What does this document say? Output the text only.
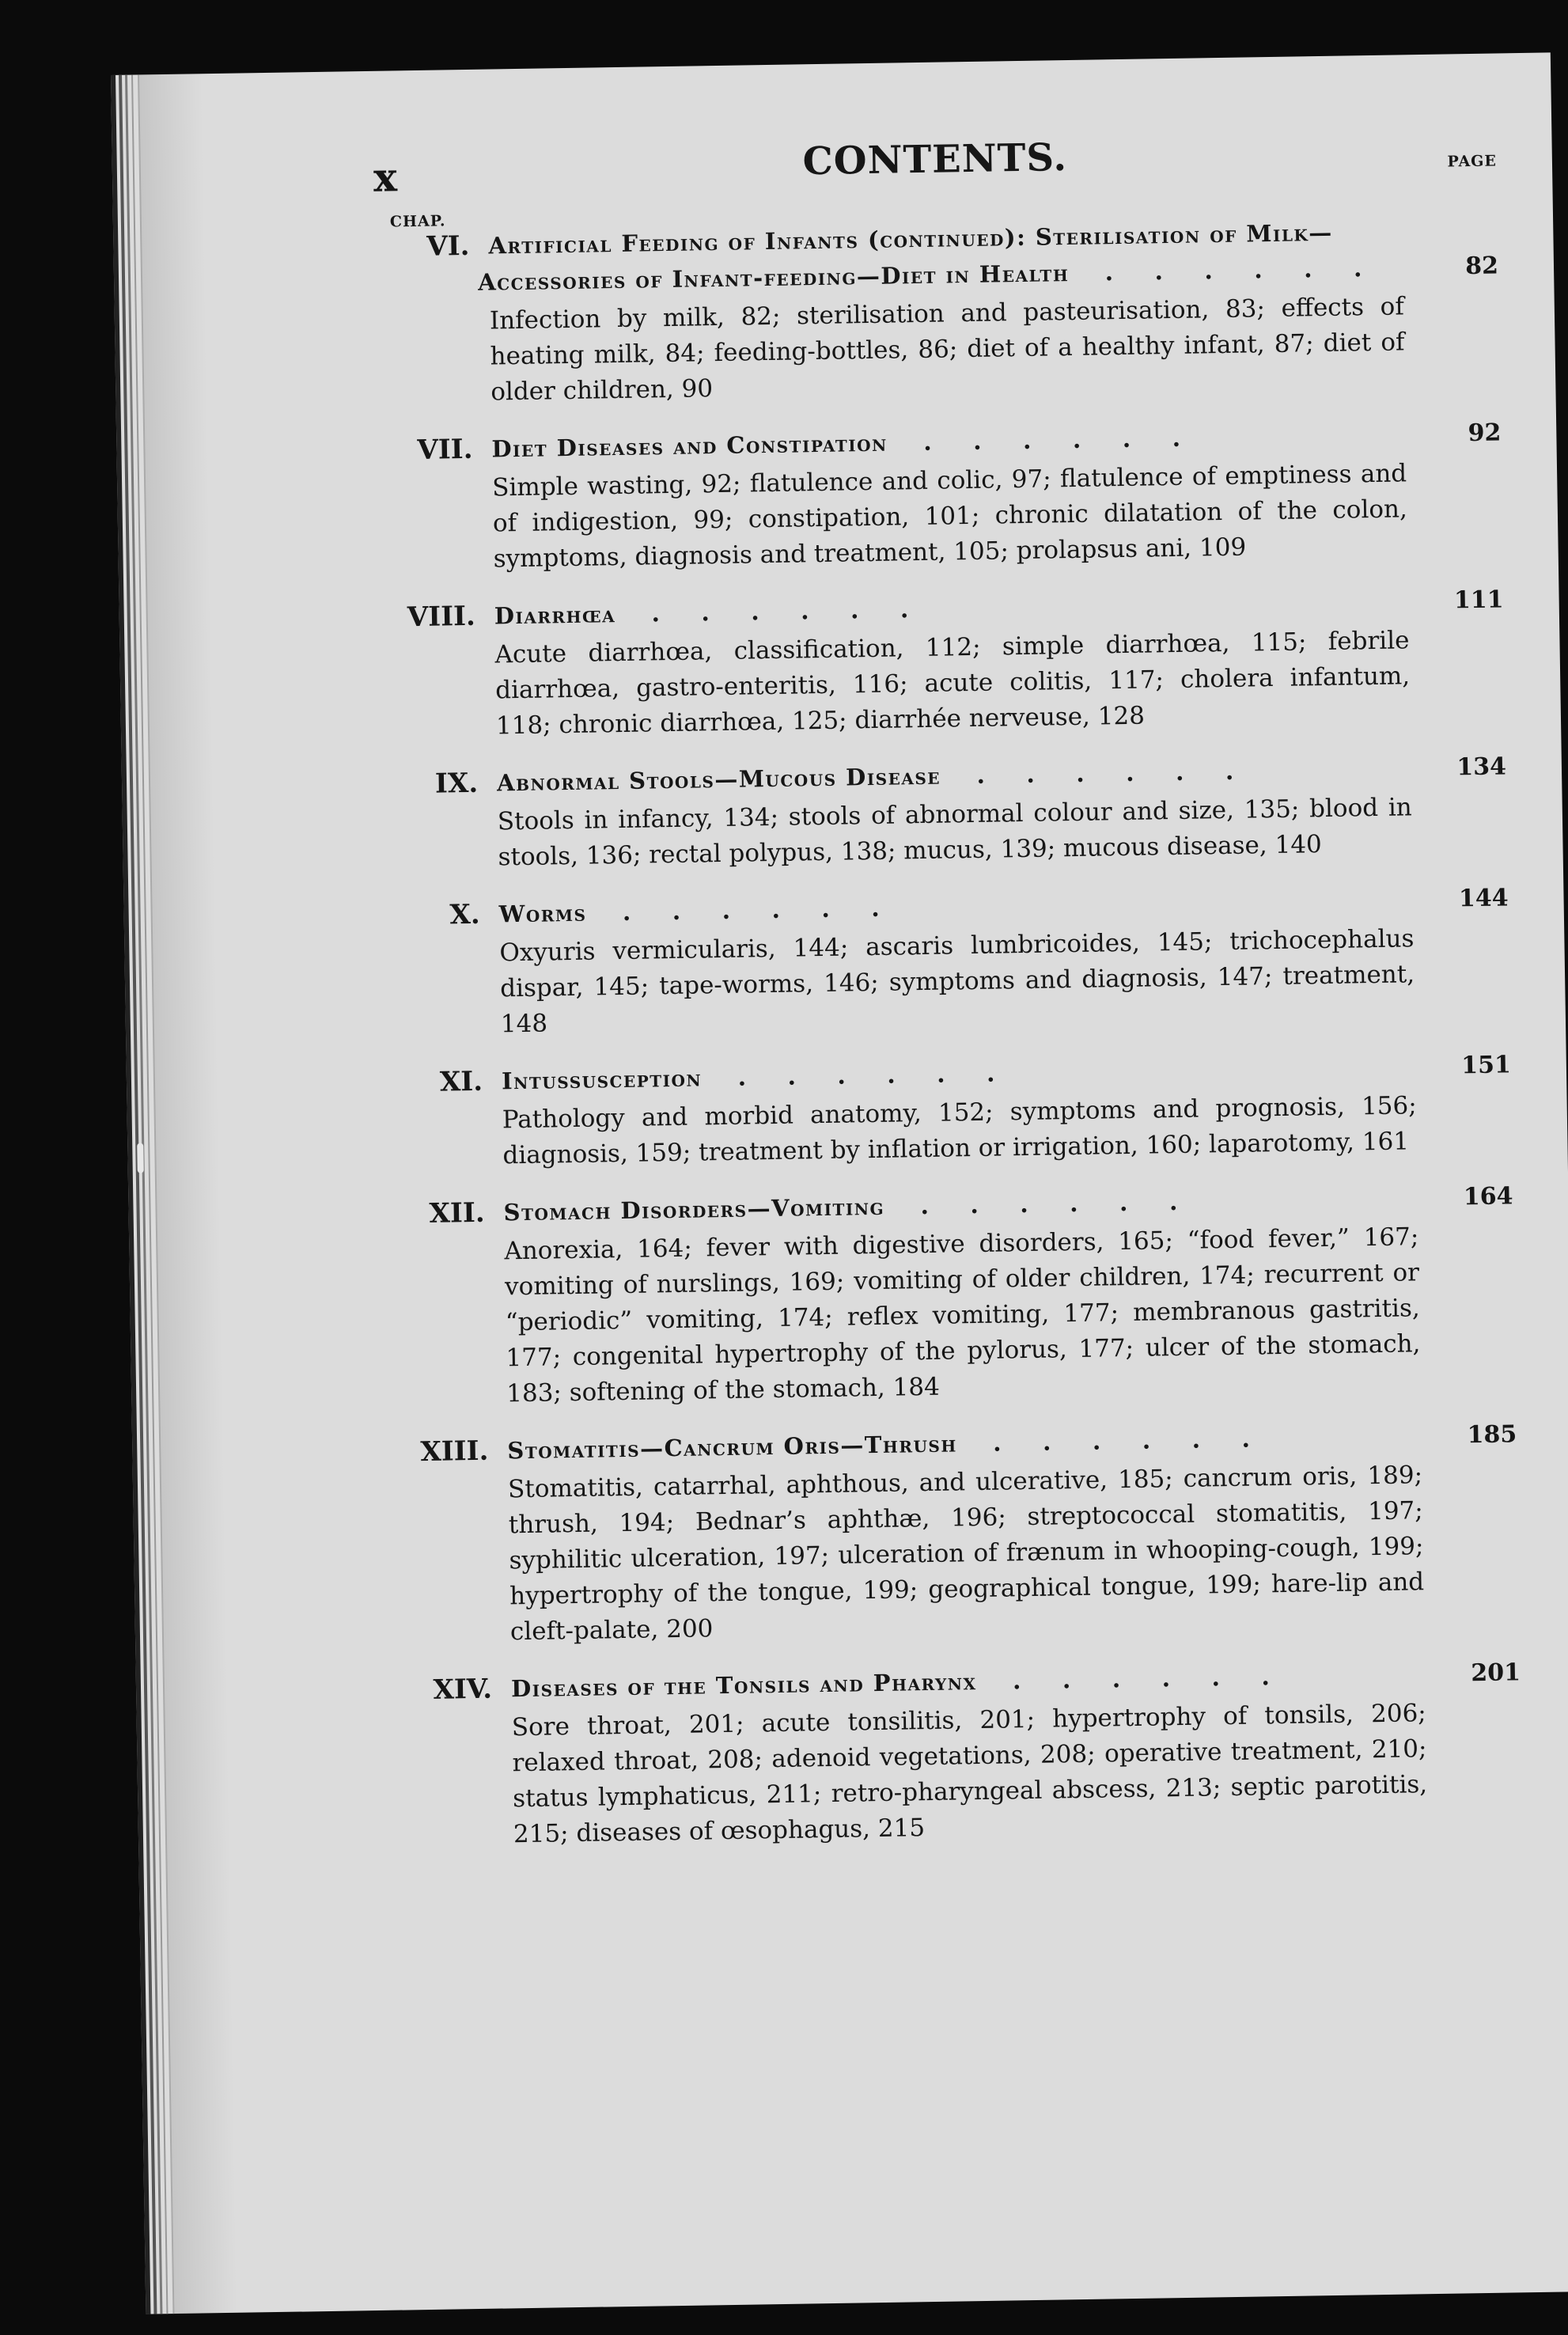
x	CONTENTS.	PAGE
CHAP.
VI.
82
Artificial Feeding of Infants (continued): Sterilisation of Milk—Accessories of Infant-feeding—Diet in Health . . . . . .
Infection by milk, 82; sterilisation and pasteurisation, 83; effects of heating milk, 84; feeding-bottles, 86; diet of a healthy infant, 87; diet of older children, 90
VII.
92
Diet Diseases and Constipation . . . . . .
Simple wasting, 92; flatulence and colic, 97; flatulence of emptiness and of indigestion, 99; constipation, 101; chronic dilatation of the colon, symptoms, diagnosis and treatment, 105; prolapsus ani, 109
VIII.
111
Diarrhœa . . . . . .
Acute diarrhœa, classification, 112; simple diarrhœa, 115; febrile diarrhœa, gastro-enteritis, 116; acute colitis, 117; cholera infantum, 118; chronic diarrhœa, 125; diarrhée nerveuse, 128
IX.
134
Abnormal Stools—Mucous Disease . . . . . .
Stools in infancy, 134; stools of abnormal colour and size, 135; blood in stools, 136; rectal polypus, 138; mucus, 139; mucous disease, 140
X.
144
Worms . . . . . .
Oxyuris vermicularis, 144; ascaris lumbricoides, 145; trichocephalus dispar, 145; tape-worms, 146; symptoms and diagnosis, 147; treatment, 148
XI.
151
Intussusception . . . . . .
Pathology and morbid anatomy, 152; symptoms and prognosis, 156; diagnosis, 159; treatment by inflation or irrigation, 160; laparotomy, 161
XII.
164
Stomach Disorders—Vomiting . . . . . .
Anorexia, 164; fever with digestive disorders, 165; “food fever,” 167; vomiting of nurslings, 169; vomiting of older children, 174; recurrent or “periodic” vomiting, 174; reflex vomiting, 177; membranous gastritis, 177; congenital hypertrophy of the pylorus, 177; ulcer of the stomach, 183; softening of the stomach, 184
XIII.
185
Stomatitis—Cancrum Oris—Thrush . . . . . .
Stomatitis, catarrhal, aphthous, and ulcerative, 185; cancrum oris, 189; thrush, 194; Bednar’s aphthæ, 196; streptococcal stomatitis, 197; syphilitic ulceration, 197; ulceration of frænum in whooping-cough, 199; hypertrophy of the tongue, 199; geographical tongue, 199; hare-lip and cleft-palate, 200
XIV.
201
Diseases of the Tonsils and Pharynx . . . . . .
Sore throat, 201; acute tonsilitis, 201; hypertrophy of tonsils, 206; relaxed throat, 208; adenoid vegetations, 208; operative treatment, 210; status lymphaticus, 211; retro-pharyngeal abscess, 213; septic parotitis, 215; diseases of œsophagus, 215
